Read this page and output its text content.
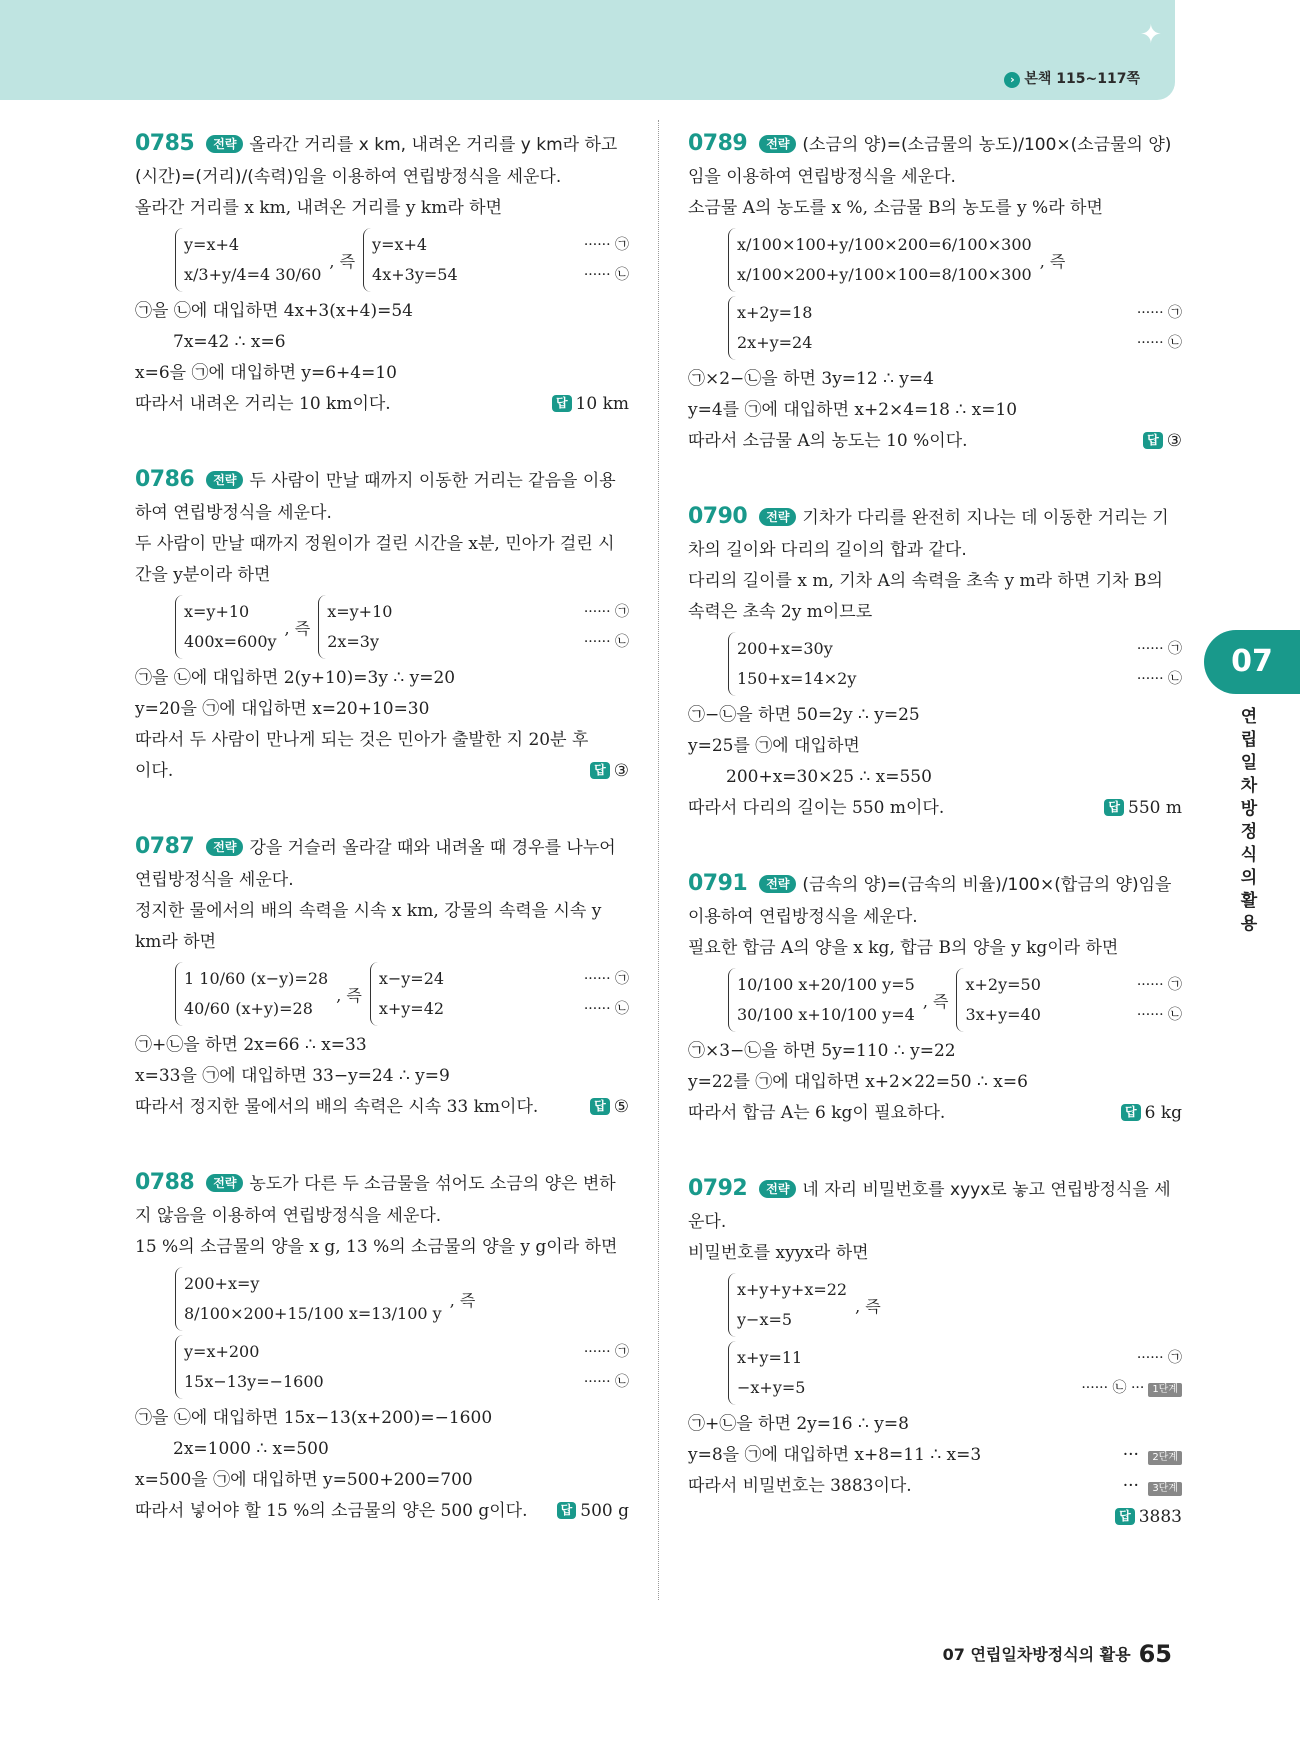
✦
› 본책 115~117쪽
0785 전략 올라간 거리를 x km, 내려온 거리를 y km라 하고 (시간)=(거리)/(속력)임을 이용하여 연립방정식을 세운다.
올라간 거리를 x km, 내려온 거리를 y km라 하면
y=x+4
x/3+y/4=4 30/60
, 즉
y=x+4
4x+3y=54
······ ㉠
······ ㉡
㉠을 ㉡에 대입하면 4x+3(x+4)=54
7x=42 ∴ x=6
x=6을 ㉠에 대입하면 y=6+4=10
따라서 내려온 거리는 10 km이다.	답 10 km
0786 전략 두 사람이 만날 때까지 이동한 거리는 같음을 이용하여 연립방정식을 세운다.
두 사람이 만날 때까지 정원이가 걸린 시간을 x분, 민아가 걸린 시간을 y분이라 하면
x=y+10
400x=600y
, 즉
x=y+10
2x=3y
······ ㉠
······ ㉡
㉠을 ㉡에 대입하면 2(y+10)=3y ∴ y=20
y=20을 ㉠에 대입하면 x=20+10=30
따라서 두 사람이 만나게 되는 것은 민아가 출발한 지 20분 후이다.	답 ③
0787 전략 강을 거슬러 올라갈 때와 내려올 때 경우를 나누어 연립방정식을 세운다.
정지한 물에서의 배의 속력을 시속 x km, 강물의 속력을 시속 y km라 하면
1 10/60 (x−y)=28
40/60 (x+y)=28
, 즉
x−y=24
x+y=42
······ ㉠
······ ㉡
㉠+㉡을 하면 2x=66 ∴ x=33
x=33을 ㉠에 대입하면 33−y=24 ∴ y=9
따라서 정지한 물에서의 배의 속력은 시속 33 km이다.	답 ⑤
0788 전략 농도가 다른 두 소금물을 섞어도 소금의 양은 변하지 않음을 이용하여 연립방정식을 세운다.
15 %의 소금물의 양을 x g, 13 %의 소금물의 양을 y g이라 하면
200+x=y
8/100×200+15/100 x=13/100 y
, 즉
y=x+200
15x−13y=−1600
······ ㉠
······ ㉡
㉠을 ㉡에 대입하면 15x−13(x+200)=−1600
2x=1000 ∴ x=500
x=500을 ㉠에 대입하면 y=500+200=700
따라서 넣어야 할 15 %의 소금물의 양은 500 g이다.	답 500 g
0789 전략 (소금의 양)=(소금물의 농도)/100×(소금물의 양)임을 이용하여 연립방정식을 세운다.
소금물 A의 농도를 x %, 소금물 B의 농도를 y %라 하면
x/100×100+y/100×200=6/100×300
x/100×200+y/100×100=8/100×300
, 즉
x+2y=18
2x+y=24
······ ㉠
······ ㉡
㉠×2−㉡을 하면 3y=12 ∴ y=4
y=4를 ㉠에 대입하면 x+2×4=18 ∴ x=10
따라서 소금물 A의 농도는 10 %이다.	답 ③
0790 전략 기차가 다리를 완전히 지나는 데 이동한 거리는 기차의 길이와 다리의 길이의 합과 같다.
다리의 길이를 x m, 기차 A의 속력을 초속 y m라 하면 기차 B의 속력은 초속 2y m이므로
200+x=30y
150+x=14×2y
······ ㉠
······ ㉡
㉠−㉡을 하면 50=2y ∴ y=25
y=25를 ㉠에 대입하면
200+x=30×25 ∴ x=550
따라서 다리의 길이는 550 m이다.	답 550 m
0791 전략 (금속의 양)=(금속의 비율)/100×(합금의 양)임을 이용하여 연립방정식을 세운다.
필요한 합금 A의 양을 x kg, 합금 B의 양을 y kg이라 하면
10/100 x+20/100 y=5
30/100 x+10/100 y=4
, 즉
x+2y=50
3x+y=40
······ ㉠
······ ㉡
㉠×3−㉡을 하면 5y=110 ∴ y=22
y=22를 ㉠에 대입하면 x+2×22=50 ∴ x=6
따라서 합금 A는 6 kg이 필요하다.	답 6 kg
0792 전략 네 자리 비밀번호를 xyyx로 놓고 연립방정식을 세운다.
비밀번호를 xyyx라 하면
x+y+y+x=22
y−x=5
, 즉
x+y=11
−x+y=5
······ ㉠
······ ㉡ ··· 1단계
㉠+㉡을 하면 2y=16 ∴ y=8
y=8을 ㉠에 대입하면 x+8=11 ∴ x=3	··· 2단계
따라서 비밀번호는 3883이다.	··· 3단계
답 3883
07
연립일차방정식의 활용
07 연립일차방정식의 활용 65
